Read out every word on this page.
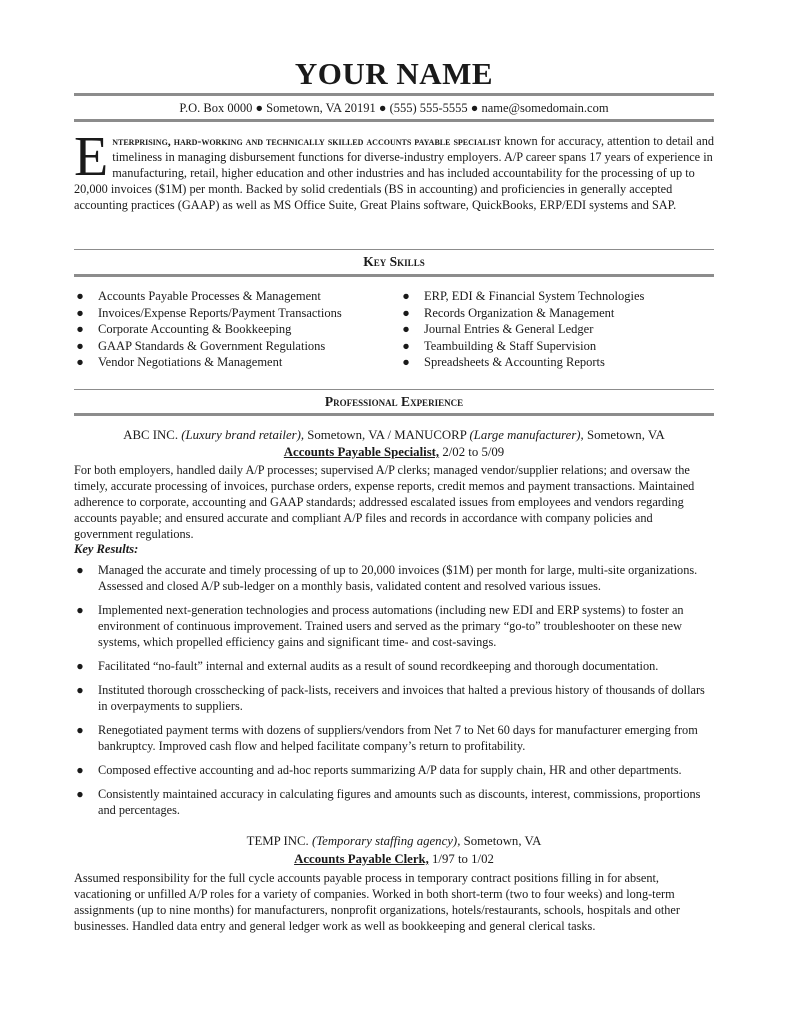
YOUR NAME
P.O. Box 0000 ● Sometown, VA 20191 ● (555) 555-5555 ● name@somedomain.com
Enterprising, hard-working and technically skilled accounts payable specialist known for accuracy, attention to detail and timeliness in managing disbursement functions for diverse-industry employers. A/P career spans 17 years of experience in manufacturing, retail, higher education and other industries and has included accountability for the processing of up to 20,000 invoices ($1M) per month. Backed by solid credentials (BS in accounting) and proficiencies in generally accepted accounting practices (GAAP) as well as MS Office Suite, Great Plains software, QuickBooks, ERP/EDI systems and SAP.
Key Skills
● Accounts Payable Processes & Management
● Invoices/Expense Reports/Payment Transactions
● Corporate Accounting & Bookkeeping
● GAAP Standards & Government Regulations
● Vendor Negotiations & Management
● ERP, EDI & Financial System Technologies
● Records Organization & Management
● Journal Entries & General Ledger
● Teambuilding & Staff Supervision
● Spreadsheets & Accounting Reports
Professional Experience
ABC INC. (Luxury brand retailer), Sometown, VA / MANUCORP (Large manufacturer), Sometown, VA
Accounts Payable Specialist, 2/02 to 5/09
For both employers, handled daily A/P processes; supervised A/P clerks; managed vendor/supplier relations; and oversaw the timely, accurate processing of invoices, purchase orders, expense reports, credit memos and payment transactions. Maintained adherence to corporate, accounting and GAAP standards; addressed escalated issues from employees and vendors regarding accounts payable; and ensured accurate and compliant A/P files and records in accordance with company policies and government regulations.
Key Results:
● Managed the accurate and timely processing of up to 20,000 invoices ($1M) per month for large, multi-site organizations. Assessed and closed A/P sub-ledger on a monthly basis, validated content and resolved various issues.
● Implemented next-generation technologies and process automations (including new EDI and ERP systems) to foster an environment of continuous improvement. Trained users and served as the primary “go-to” troubleshooter on these new systems, which propelled efficiency gains and significant time- and cost-savings.
● Facilitated “no-fault” internal and external audits as a result of sound recordkeeping and thorough documentation.
● Instituted thorough crosschecking of pack-lists, receivers and invoices that halted a previous history of thousands of dollars in overpayments to suppliers.
● Renegotiated payment terms with dozens of suppliers/vendors from Net 7 to Net 60 days for manufacturer emerging from bankruptcy. Improved cash flow and helped facilitate company’s return to profitability.
● Composed effective accounting and ad-hoc reports summarizing A/P data for supply chain, HR and other departments.
● Consistently maintained accuracy in calculating figures and amounts such as discounts, interest, commissions, proportions and percentages.
TEMP INC. (Temporary staffing agency), Sometown, VA
Accounts Payable Clerk, 1/97 to 1/02
Assumed responsibility for the full cycle accounts payable process in temporary contract positions filling in for absent, vacationing or unfilled A/P roles for a variety of companies. Worked in both short-term (two to four weeks) and long-term assignments (up to nine months) for manufacturers, nonprofit organizations, hotels/restaurants, schools, hospitals and other businesses. Handled data entry and general ledger work as well as bookkeeping and general clerical tasks.
